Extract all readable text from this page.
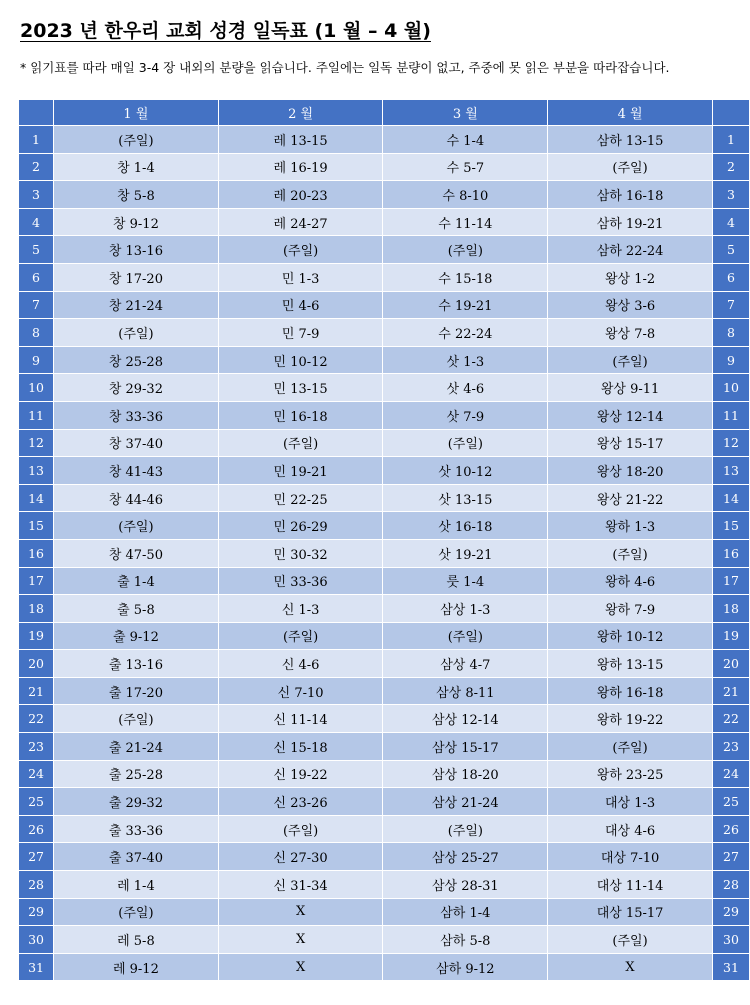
2023 년 한우리 교회 성경 일독표 (1 월 – 4 월)
* 읽기표를 따라 매일 3-4 장 내외의 분량을 읽습니다. 주일에는 일독 분량이 없고, 주중에 못 읽은 부분을 따라잡습니다.
	1 월	2 월	3 월	4 월	
1	(주일)	레 13-15	수 1-4	삼하 13-15	1
2	창 1-4	레 16-19	수 5-7	(주일)	2
3	창 5-8	레 20-23	수 8-10	삼하 16-18	3
4	창 9-12	레 24-27	수 11-14	삼하 19-21	4
5	창 13-16	(주일)	(주일)	삼하 22-24	5
6	창 17-20	민 1-3	수 15-18	왕상 1-2	6
7	창 21-24	민 4-6	수 19-21	왕상 3-6	7
8	(주일)	민 7-9	수 22-24	왕상 7-8	8
9	창 25-28	민 10-12	삿 1-3	(주일)	9
10	창 29-32	민 13-15	삿 4-6	왕상 9-11	10
11	창 33-36	민 16-18	삿 7-9	왕상 12-14	11
12	창 37-40	(주일)	(주일)	왕상 15-17	12
13	창 41-43	민 19-21	삿 10-12	왕상 18-20	13
14	창 44-46	민 22-25	삿 13-15	왕상 21-22	14
15	(주일)	민 26-29	삿 16-18	왕하 1-3	15
16	창 47-50	민 30-32	삿 19-21	(주일)	16
17	출 1-4	민 33-36	룻 1-4	왕하 4-6	17
18	출 5-8	신 1-3	삼상 1-3	왕하 7-9	18
19	출 9-12	(주일)	(주일)	왕하 10-12	19
20	출 13-16	신 4-6	삼상 4-7	왕하 13-15	20
21	출 17-20	신 7-10	삼상 8-11	왕하 16-18	21
22	(주일)	신 11-14	삼상 12-14	왕하 19-22	22
23	출 21-24	신 15-18	삼상 15-17	(주일)	23
24	출 25-28	신 19-22	삼상 18-20	왕하 23-25	24
25	출 29-32	신 23-26	삼상 21-24	대상 1-3	25
26	출 33-36	(주일)	(주일)	대상 4-6	26
27	출 37-40	신 27-30	삼상 25-27	대상 7-10	27
28	레 1-4	신 31-34	삼상 28-31	대상 11-14	28
29	(주일)	X	삼하 1-4	대상 15-17	29
30	레 5-8	X	삼하 5-8	(주일)	30
31	레 9-12	X	삼하 9-12	X	31
